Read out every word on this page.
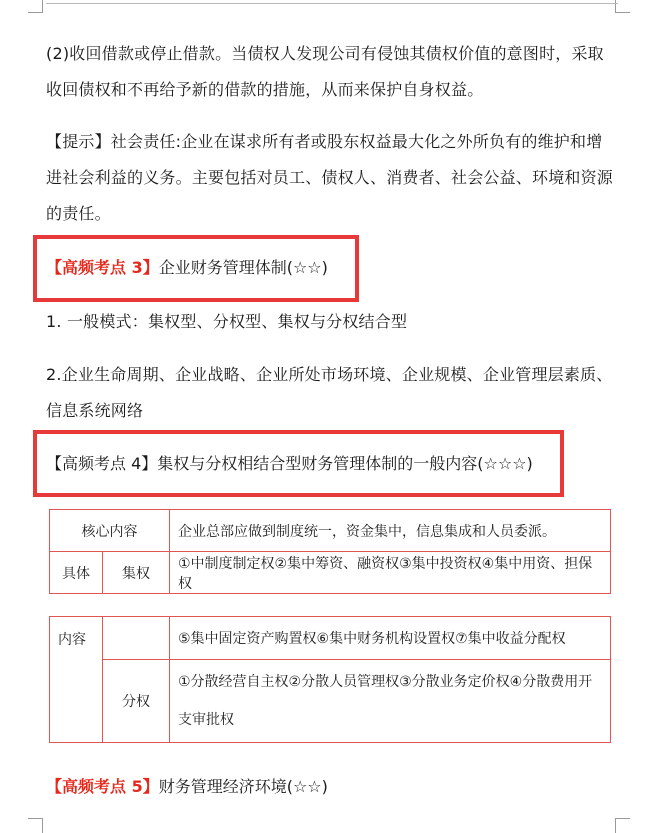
(2)收回借款或停止借款。当债权人发现公司有侵蚀其债权价值的意图时，采取
收回债权和不再给予新的借款的措施，从而来保护自身权益。
【提示】社会责任:企业在谋求所有者或股东权益最大化之外所负有的维护和增
进社会利益的义务。主要包括对员工、债权人、消费者、社会公益、环境和资源
的责任。
【高频考点 3】企业财务管理体制(☆☆)
1. 一般模式：集权型、分权型、集权与分权结合型
2.企业生命周期、企业战略、企业所处市场环境、企业规模、企业管理层素质、
信息系统网络
【高频考点 4】集权与分权相结合型财务管理体制的一般内容(☆☆☆)
核心内容		企业总部应做到制度统一，资金集中，信息集成和人员委派。
具体	集权	①中制度制定权②集中筹资、融资权③集中投资权④集中用资、担保权
内容		⑤集中固定资产购置权⑥集中财务机构设置权⑦集中收益分配权
	分权	①分散经营自主权②分散人员管理权③分散业务定价权④分散费用开
支审批权
【高频考点 5】财务管理经济环境(☆☆)
